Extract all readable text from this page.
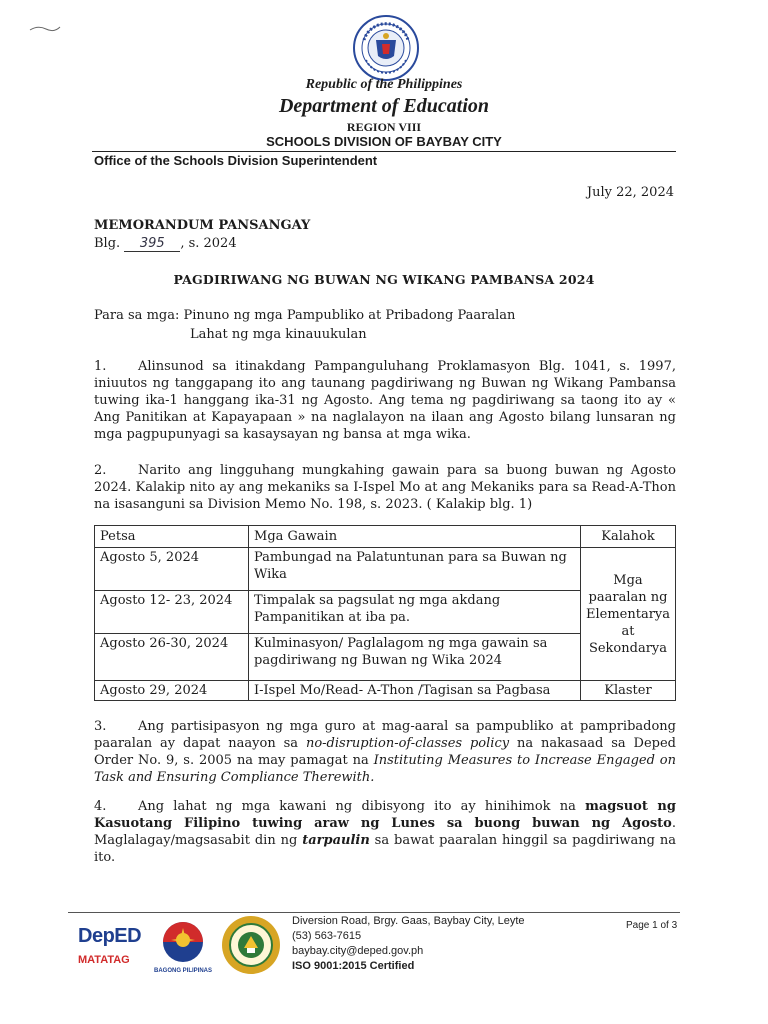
Republic of the Philippines
Department of Education
REGION VIII
SCHOOLS DIVISION OF BAYBAY CITY
Office of the Schools Division Superintendent
July 22, 2024
MEMORANDUM PANSANGAY
Blg. 395 , s. 2024
PAGDIRIWANG NG BUWAN NG WIKANG PAMBANSA 2024
Para sa mga: Pinuno ng mga Pampubliko at Pribadong Paaralan
Lahat ng mga kinauukulan
1. Alinsunod sa itinakdang Pampanguluhang Proklamasyon Blg. 1041, s. 1997, iniuutos ng tanggapang ito ang taunang pagdiriwang ng Buwan ng Wikang Pambansa tuwing ika-1 hanggang ika-31 ng Agosto. Ang tema ng pagdiriwang sa taong ito ay « Ang Panitikan at Kapayapaan » na naglalayon na ilaan ang Agosto bilang lunsaran ng mga pagpupunyagi sa kasaysayan ng bansa at mga wika.
2. Narito ang lingguhang mungkahing gawain para sa buong buwan ng Agosto 2024. Kalakip nito ay ang mekaniks sa I-Ispel Mo at ang Mekaniks para sa Read-A-Thon na isasanguni sa Division Memo No. 198, s. 2023. ( Kalakip blg. 1)
Petsa	Mga Gawain	Kalahok
Agosto 5, 2024	Pambungad na Palatuntunan para sa Buwan ng Wika	Mga paaralan ng Elementarya at Sekondarya
Agosto 12- 23, 2024	Timpalak sa pagsulat ng mga akdang Pampanitikan at iba pa.	
Agosto 26-30, 2024	Kulminasyon/ Paglalagom ng mga gawain sa pagdiriwang ng Buwan ng Wika 2024	
Agosto 29, 2024	I-Ispel Mo/Read- A-Thon /Tagisan sa Pagbasa	Klaster
3. Ang partisipasyon ng mga guro at mag-aaral sa pampubliko at pampribadong paaralan ay dapat naayon sa no-disruption-of-classes policy na nakasaad sa Deped Order No. 9, s. 2005 na may pamagat na Instituting Measures to Increase Engaged on Task and Ensuring Compliance Therewith.
4. Ang lahat ng mga kawani ng dibisyong ito ay hinihimok na magsuot ng Kasuotang Filipino tuwing araw ng Lunes sa buong buwan ng Agosto. Maglalagay/magsasabit din ng tarpaulin sa bawat paaralan hinggil sa pagdiriwang na ito.
DepED
MATATAG
BAGONG PILIPINAS
Diversion Road, Brgy. Gaas, Baybay City, Leyte
(53) 563-7615
baybay.city@deped.gov.ph
ISO 9001:2015 Certified
Page 1 of 3
